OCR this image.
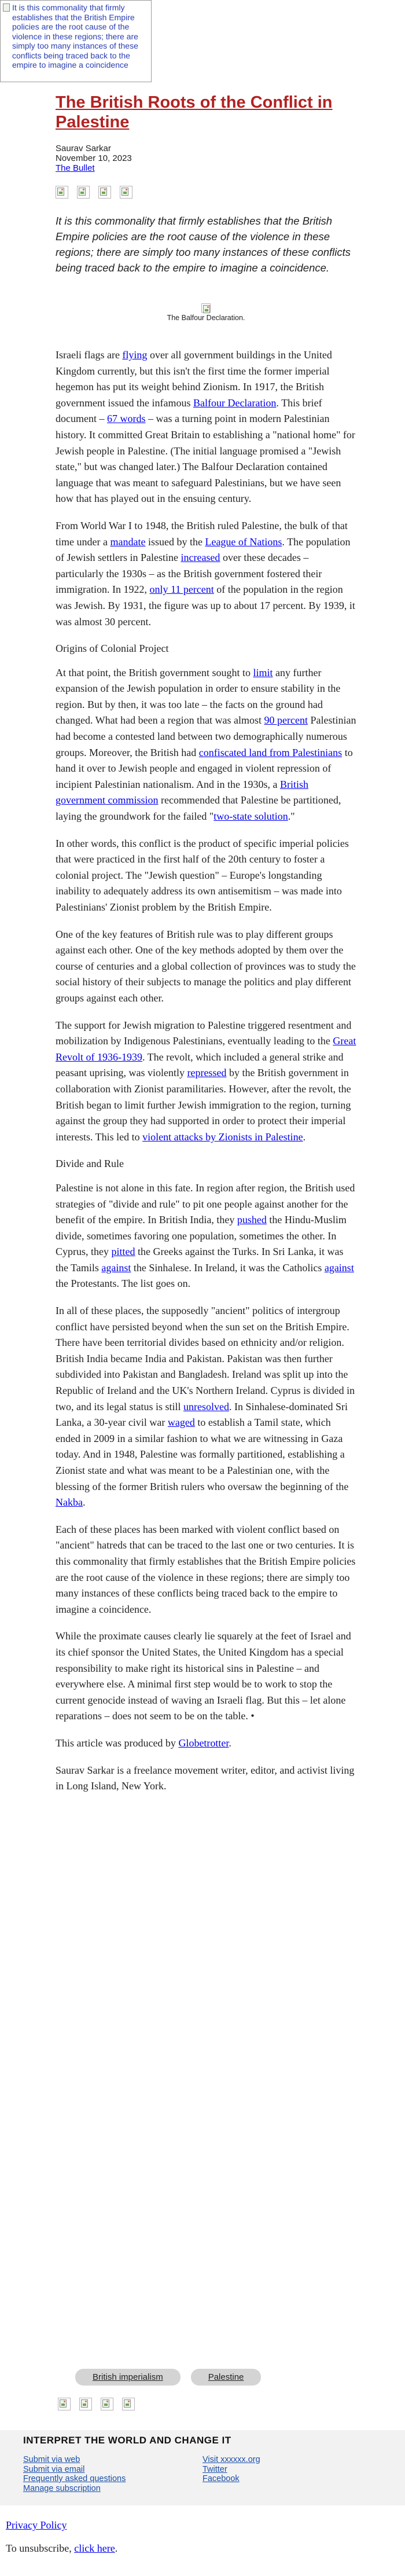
It is this commonality that firmly establishes that the British Empire policies are the root cause of the violence in these regions; there are simply too many instances of these conflicts being traced back to the empire to imagine a coincidence
The British Roots of the Conflict in Palestine
Saurav Sarkar
November 10, 2023
The Bullet

It is this commonality that firmly establishes that the British Empire policies are the root cause of the violence in these regions; there are simply too many instances of these conflicts being traced back to the empire to imagine a coincidence.

The Balfour Declaration.

Israeli flags are flying over all government buildings in the United Kingdom currently, but this isn't the first time the former imperial hegemon has put its weight behind Zionism. In 1917, the British government issued the infamous Balfour Declaration. This brief document – 67 words – was a turning point in modern Palestinian history. It committed Great Britain to establishing a "national home" for Jewish people in Palestine. (The initial language promised a "Jewish state," but was changed later.) The Balfour Declaration contained language that was meant to safeguard Palestinians, but we have seen how that has played out in the ensuing century.

From World War I to 1948, the British ruled Palestine, the bulk of that time under a mandate issued by the League of Nations. The population of Jewish settlers in Palestine increased over these decades – particularly the 1930s – as the British government fostered their immigration. In 1922, only 11 percent of the population in the region was Jewish. By 1931, the figure was up to about 17 percent. By 1939, it was almost 30 percent.

Origins of Colonial Project

At that point, the British government sought to limit any further expansion of the Jewish population in order to ensure stability in the region. But by then, it was too late – the facts on the ground had changed. What had been a region that was almost 90 percent Palestinian had become a contested land between two demographically numerous groups. Moreover, the British had confiscated land from Palestinians to hand it over to Jewish people and engaged in violent repression of incipient Palestinian nationalism. And in the 1930s, a British government commission recommended that Palestine be partitioned, laying the groundwork for the failed "two-state solution."

In other words, this conflict is the product of specific imperial policies that were practiced in the first half of the 20th century to foster a colonial project. The "Jewish question" – Europe's longstanding inability to adequately address its own antisemitism – was made into Palestinians' Zionist problem by the British Empire.

One of the key features of British rule was to play different groups against each other. One of the key methods adopted by them over the course of centuries and a global collection of provinces was to study the social history of their subjects to manage the politics and play different groups against each other.

The support for Jewish migration to Palestine triggered resentment and mobilization by Indigenous Palestinians, eventually leading to the Great Revolt of 1936-1939. The revolt, which included a general strike and peasant uprising, was violently repressed by the British government in collaboration with Zionist paramilitaries. However, after the revolt, the British began to limit further Jewish immigration to the region, turning against the group they had supported in order to protect their imperial interests. This led to violent attacks by Zionists in Palestine.

Divide and Rule

Palestine is not alone in this fate. In region after region, the British used strategies of "divide and rule" to pit one people against another for the benefit of the empire. In British India, they pushed the Hindu-Muslim divide, sometimes favoring one population, sometimes the other. In Cyprus, they pitted the Greeks against the Turks. In Sri Lanka, it was the Tamils against the Sinhalese. In Ireland, it was the Catholics against the Protestants. The list goes on.

In all of these places, the supposedly "ancient" politics of intergroup conflict have persisted beyond when the sun set on the British Empire. There have been territorial divides based on ethnicity and/or religion. British India became India and Pakistan. Pakistan was then further subdivided into Pakistan and Bangladesh. Ireland was split up into the Republic of Ireland and the UK's Northern Ireland. Cyprus is divided in two, and its legal status is still unresolved. In Sinhalese-dominated Sri Lanka, a 30-year civil war waged to establish a Tamil state, which ended in 2009 in a similar fashion to what we are witnessing in Gaza today. And in 1948, Palestine was formally partitioned, establishing a Zionist state and what was meant to be a Palestinian one, with the blessing of the former British rulers who oversaw the beginning of the Nakba.

Each of these places has been marked with violent conflict based on "ancient" hatreds that can be traced to the last one or two centuries. It is this commonality that firmly establishes that the British Empire policies are the root cause of the violence in these regions; there are simply too many instances of these conflicts being traced back to the empire to imagine a coincidence.

While the proximate causes clearly lie squarely at the feet of Israel and its chief sponsor the United States, the United Kingdom has a special responsibility to make right its historical sins in Palestine – and everywhere else. A minimal first step would be to work to stop the current genocide instead of waving an Israeli flag. But this – let alone reparations – does not seem to be on the table. •

This article was produced by Globetrotter.

Saurav Sarkar is a freelance movement writer, editor, and activist living in Long Island, New York.

British imperialism	Palestine
INTERPRET THE WORLD AND CHANGE IT
Submit via web
Submit via email
Frequently asked questions
Manage subscription
Visit xxxxxx.org
Twitter
Facebook
Privacy Policy
To unsubscribe, click here.
